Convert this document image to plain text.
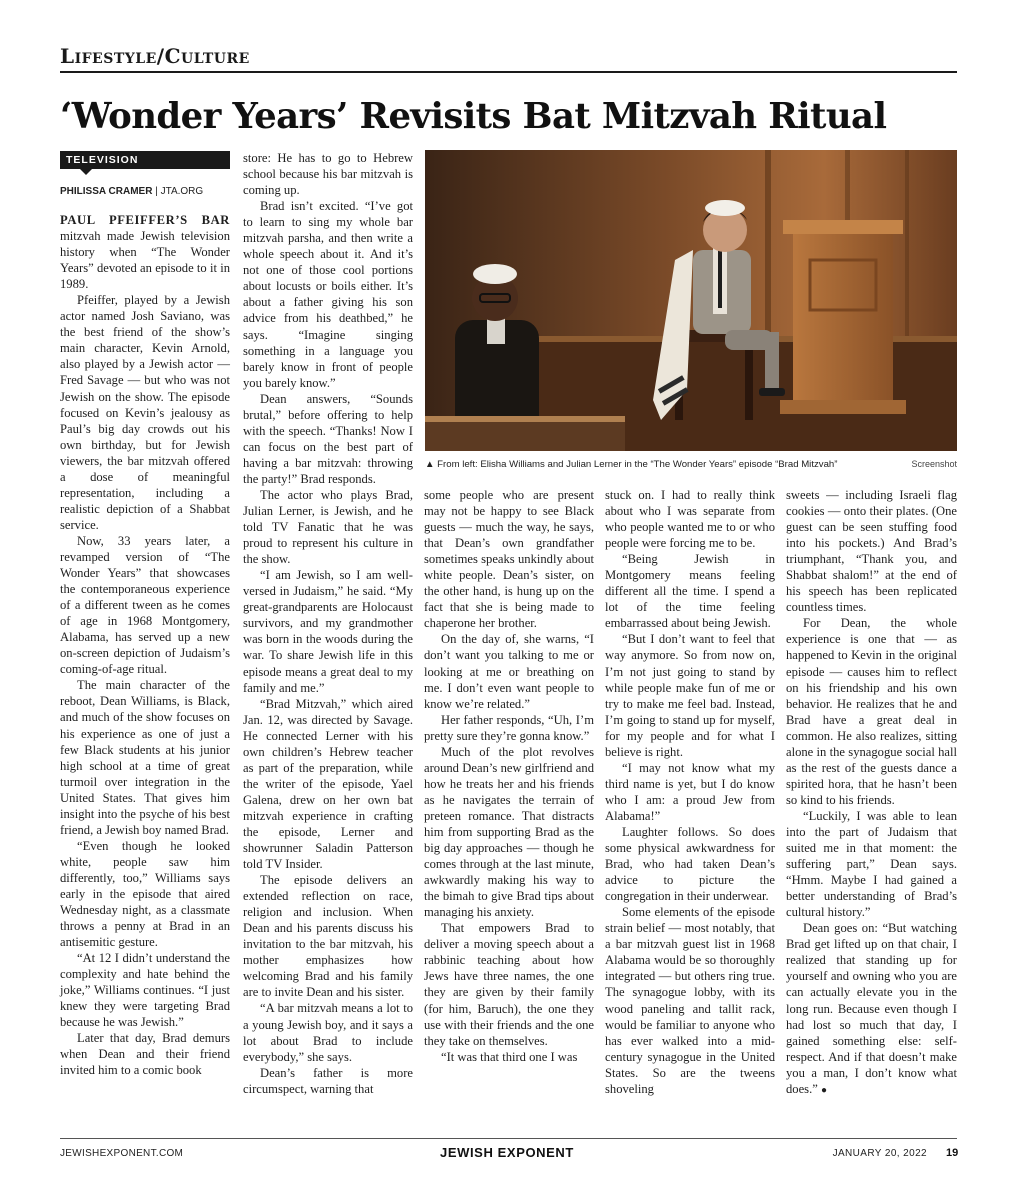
Lifestyle/Culture
‘Wonder Years’ Revisits Bat Mitzvah Ritual
TELEVISION
PHILISSA CRAMER | JTA.ORG

PAUL PFEIFFER’S BAR mitzvah made Jewish television history when “The Wonder Years” devoted an episode to it in 1989.

Pfeiffer, played by a Jewish actor named Josh Saviano, was the best friend of the show’s main character, Kevin Arnold, also played by a Jewish actor — Fred Savage — but who was not Jewish on the show. The episode focused on Kevin’s jealousy as Paul’s big day crowds out his own birthday, but for Jewish viewers, the bar mitzvah offered a dose of meaningful representation, including a realistic depiction of a Shabbat service.

Now, 33 years later, a revamped version of “The Wonder Years” that showcases the contemporaneous experience of a different tween as he comes of age in 1968 Montgomery, Alabama, has served up a new on-screen depiction of Judaism’s coming-of-age ritual.

The main character of the reboot, Dean Williams, is Black, and much of the show focuses on his experience as one of just a few Black students at his junior high school at a time of great turmoil over integration in the United States. That gives him insight into the psyche of his best friend, a Jewish boy named Brad.

“Even though he looked white, people saw him differently, too,” Williams says early in the episode that aired Wednesday night, as a classmate throws a penny at Brad in an antisemitic gesture.

“At 12 I didn’t understand the complexity and hate behind the joke,” Williams continues. “I just knew they were targeting Brad because he was Jewish.”

Later that day, Brad demurs when Dean and their friend invited him to a comic book

store: He has to go to Hebrew school because his bar mitzvah is coming up.

Brad isn’t excited. “I’ve got to learn to sing my whole bar mitzvah parsha, and then write a whole speech about it. And it’s not one of those cool portions about locusts or boils either. It’s about a father giving his son advice from his deathbed,” he says. “Imagine singing something in a language you barely know in front of people you barely know.”

Dean answers, “Sounds brutal,” before offering to help with the speech. “Thanks! Now I can focus on the best part of having a bar mitzvah: throwing the party!” Brad responds.

The actor who plays Brad, Julian Lerner, is Jewish, and he told TV Fanatic that he was proud to represent his culture in the show.

“I am Jewish, so I am well-versed in Judaism,” he said. “My great-grandparents are Holocaust survivors, and my grandmother was born in the woods during the war. To share Jewish life in this episode means a great deal to my family and me.”

“Brad Mitzvah,” which aired Jan. 12, was directed by Savage. He connected Lerner with his own children’s Hebrew teacher as part of the preparation, while the writer of the episode, Yael Galena, drew on her own bat mitzvah experience in crafting the episode, Lerner and showrunner Saladin Patterson told TV Insider.

The episode delivers an extended reflection on race, religion and inclusion. When Dean and his parents discuss his invitation to the bar mitzvah, his mother emphasizes how welcoming Brad and his family are to invite Dean and his sister.

“A bar mitzvah means a lot to a young Jewish boy, and it says a lot about Brad to include everybody,” she says.

Dean’s father is more circumspect, warning that

▲ From left: Elisha Williams and Julian Lerner in the “The Wonder Years” episode “Brad Mitzvah”	Screenshot

some people who are present may not be happy to see Black guests — much the way, he says, that Dean’s own grandfather sometimes speaks unkindly about white people. Dean’s sister, on the other hand, is hung up on the fact that she is being made to chaperone her brother.

On the day of, she warns, “I don’t want you talking to me or looking at me or breathing on me. I don’t even want people to know we’re related.”

Her father responds, “Uh, I’m pretty sure they’re gonna know.”

Much of the plot revolves around Dean’s new girlfriend and how he treats her and his friends as he navigates the terrain of preteen romance. That distracts him from supporting Brad as the big day approaches — though he comes through at the last minute, awkwardly making his way to the bimah to give Brad tips about managing his anxiety.

That empowers Brad to deliver a moving speech about a rabbinic teaching about how Jews have three names, the one they are given by their family (for him, Baruch), the one they use with their friends and the one they take on themselves.

“It was that third one I was

stuck on. I had to really think about who I was separate from who people wanted me to or who people were forcing me to be.

“Being Jewish in Montgomery means feeling different all the time. I spend a lot of the time feeling embarrassed about being Jewish.

“But I don’t want to feel that way anymore. So from now on, I’m not just going to stand by while people make fun of me or try to make me feel bad. Instead, I’m going to stand up for myself, for my people and for what I believe is right.

“I may not know what my third name is yet, but I do know who I am: a proud Jew from Alabama!”

Laughter follows. So does some physical awkwardness for Brad, who had taken Dean’s advice to picture the congregation in their underwear.

Some elements of the episode strain belief — most notably, that a bar mitzvah guest list in 1968 Alabama would be so thoroughly integrated — but others ring true. The synagogue lobby, with its wood paneling and tallit rack, would be familiar to anyone who has ever walked into a mid-century synagogue in the United States. So are the tweens shoveling

sweets — including Israeli flag cookies — onto their plates. (One guest can be seen stuffing food into his pockets.) And Brad’s triumphant, “Thank you, and Shabbat shalom!” at the end of his speech has been replicated countless times.

For Dean, the whole experience is one that — as happened to Kevin in the original episode — causes him to reflect on his friendship and his own behavior. He realizes that he and Brad have a great deal in common. He also realizes, sitting alone in the synagogue social hall as the rest of the guests dance a spirited hora, that he hasn’t been so kind to his friends.

“Luckily, I was able to lean into the part of Judaism that suited me in that moment: the suffering part,” Dean says. “Hmm. Maybe I had gained a better understanding of Brad’s cultural history.”

Dean goes on: “But watching Brad get lifted up on that chair, I realized that standing up for yourself and owning who you are can actually elevate you in the long run. Because even though I had lost so much that day, I gained something else: self-respect. And if that doesn’t make you a man, I don’t know what does.” ●

JEWISHEXPONENT.COM	JEWISH EXPONENT	JANUARY 20, 2022 19
